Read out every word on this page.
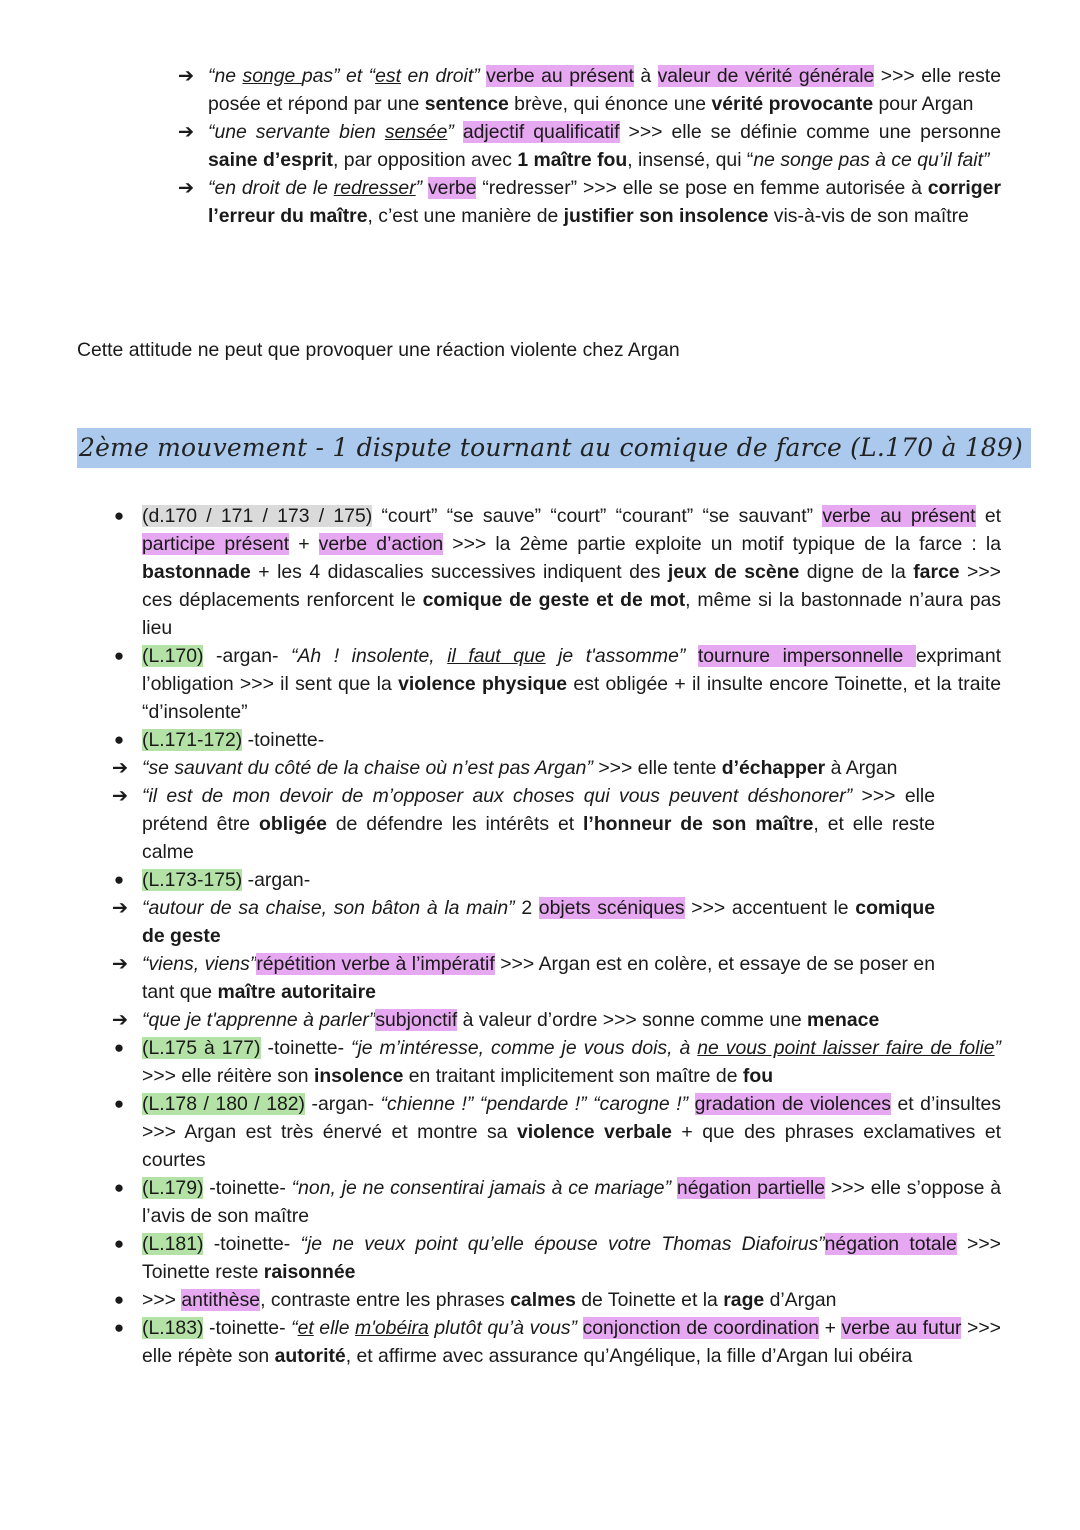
➔ “ne songe pas” et “est en droit” verbe au présent à valeur de vérité générale >>> elle reste posée et répond par une sentence brève, qui énonce une vérité provocante pour Argan
➔ “une servante bien sensée” adjectif qualificatif >>> elle se définie comme une personne saine d’esprit, par opposition avec 1 maître fou, insensé, qui “ne songe pas à ce qu’il fait”
➔ “en droit de le redresser” verbe “redresser” >>> elle se pose en femme autorisée à corriger l’erreur du maître, c’est une manière de justifier son insolence vis-à-vis de son maître
Cette attitude ne peut que provoquer une réaction violente chez Argan
2ème mouvement - 1 dispute tournant au comique de farce (L.170 à 189)
● (d.170 / 171 / 173 / 175) “court” “se sauve” “court” “courant” “se sauvant” verbe au présent et participe présent + verbe d’action >>> la 2ème partie exploite un motif typique de la farce : la bastonnade + les 4 didascalies successives indiquent des jeux de scène digne de la farce >>> ces déplacements renforcent le comique de geste et de mot, même si la bastonnade n’aura pas lieu
● (L.170) -argan- “Ah ! insolente, il faut que je t'assomme” tournure impersonnelle exprimant l’obligation >>> il sent que la violence physique est obligée + il insulte encore Toinette, et la traite “d’insolente”
● (L.171-172) -toinette-
➔ “se sauvant du côté de la chaise où n’est pas Argan” >>> elle tente d’échapper à Argan
➔ “il est de mon devoir de m’opposer aux choses qui vous peuvent déshonorer” >>> elle prétend être obligée de défendre les intérêts et l’honneur de son maître, et elle reste calme
● (L.173-175) -argan-
➔ “autour de sa chaise, son bâton à la main” 2 objets scéniques >>> accentuent le comique de geste
➔ “viens, viens”répétition verbe à l’impératif >>> Argan est en colère, et essaye de se poser en tant que maître autoritaire
➔ “que je t'apprenne à parler”subjonctif à valeur d’ordre >>> sonne comme une menace
● (L.175 à 177) -toinette- “je m’intéresse, comme je vous dois, à ne vous point laisser faire de folie” >>> elle réitère son insolence en traitant implicitement son maître de fou
● (L.178 / 180 / 182) -argan- “chienne !” “pendarde !” “carogne !” gradation de violences et d’insultes >>> Argan est très énervé et montre sa violence verbale + que des phrases exclamatives et courtes
● (L.179) -toinette- “non, je ne consentirai jamais à ce mariage” négation partielle >>> elle s’oppose à l’avis de son maître
● (L.181) -toinette- “je ne veux point qu’elle épouse votre Thomas Diafoirus”négation totale >>> Toinette reste raisonnée
● >>> antithèse, contraste entre les phrases calmes de Toinette et la rage d’Argan
● (L.183) -toinette- “et elle m'obéira plutôt qu’à vous” conjonction de coordination + verbe au futur >>> elle répète son autorité, et affirme avec assurance qu’Angélique, la fille d’Argan lui obéira
